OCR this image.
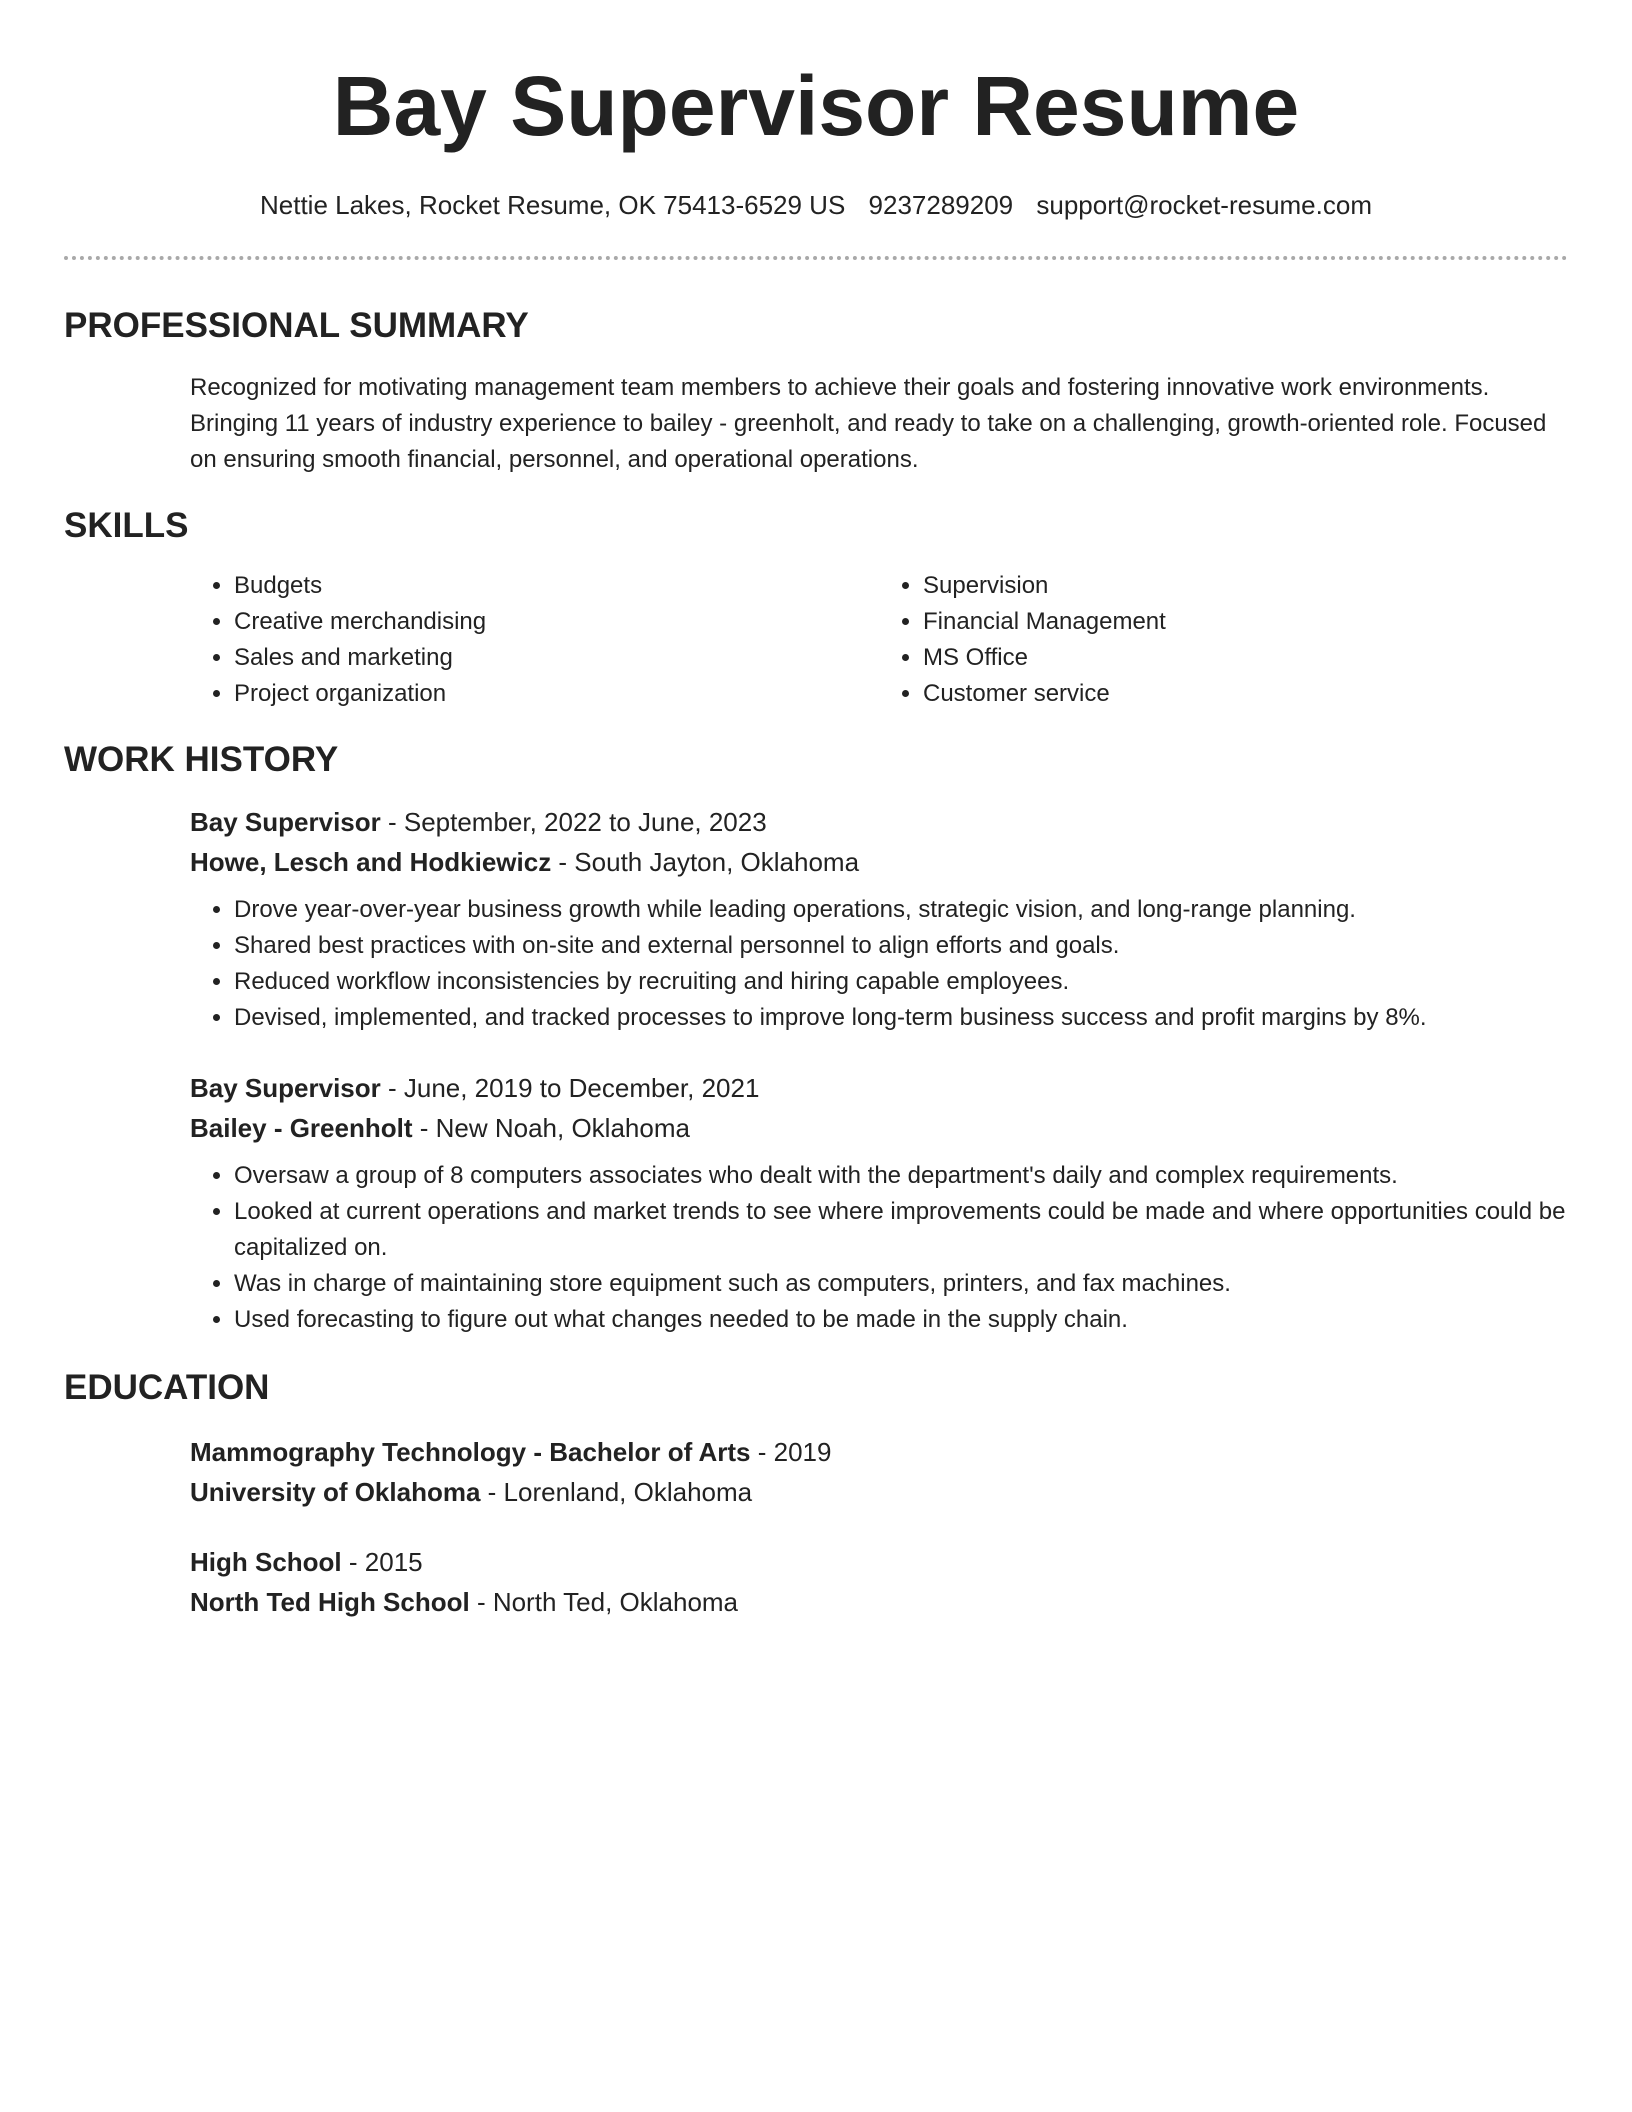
Bay Supervisor Resume
Nettie Lakes, Rocket Resume, OK 75413-6529 US 9237289209 support@rocket-resume.com
PROFESSIONAL SUMMARY
Recognized for motivating management team members to achieve their goals and fostering innovative work environments. Bringing 11 years of industry experience to bailey - greenholt, and ready to take on a challenging, growth-oriented role. Focused on ensuring smooth financial, personnel, and operational operations.
SKILLS
• Budgets
• Creative merchandising
• Sales and marketing
• Project organization
• Supervision
• Financial Management
• MS Office
• Customer service
WORK HISTORY
Bay Supervisor - September, 2022 to June, 2023
Howe, Lesch and Hodkiewicz - South Jayton, Oklahoma
• Drove year-over-year business growth while leading operations, strategic vision, and long-range planning.
• Shared best practices with on-site and external personnel to align efforts and goals.
• Reduced workflow inconsistencies by recruiting and hiring capable employees.
• Devised, implemented, and tracked processes to improve long-term business success and profit margins by 8%.
Bay Supervisor - June, 2019 to December, 2021
Bailey - Greenholt - New Noah, Oklahoma
• Oversaw a group of 8 computers associates who dealt with the department's daily and complex requirements.
• Looked at current operations and market trends to see where improvements could be made and where opportunities could be capitalized on.
• Was in charge of maintaining store equipment such as computers, printers, and fax machines.
• Used forecasting to figure out what changes needed to be made in the supply chain.
EDUCATION
Mammography Technology - Bachelor of Arts - 2019
University of Oklahoma - Lorenland, Oklahoma
High School - 2015
North Ted High School - North Ted, Oklahoma
